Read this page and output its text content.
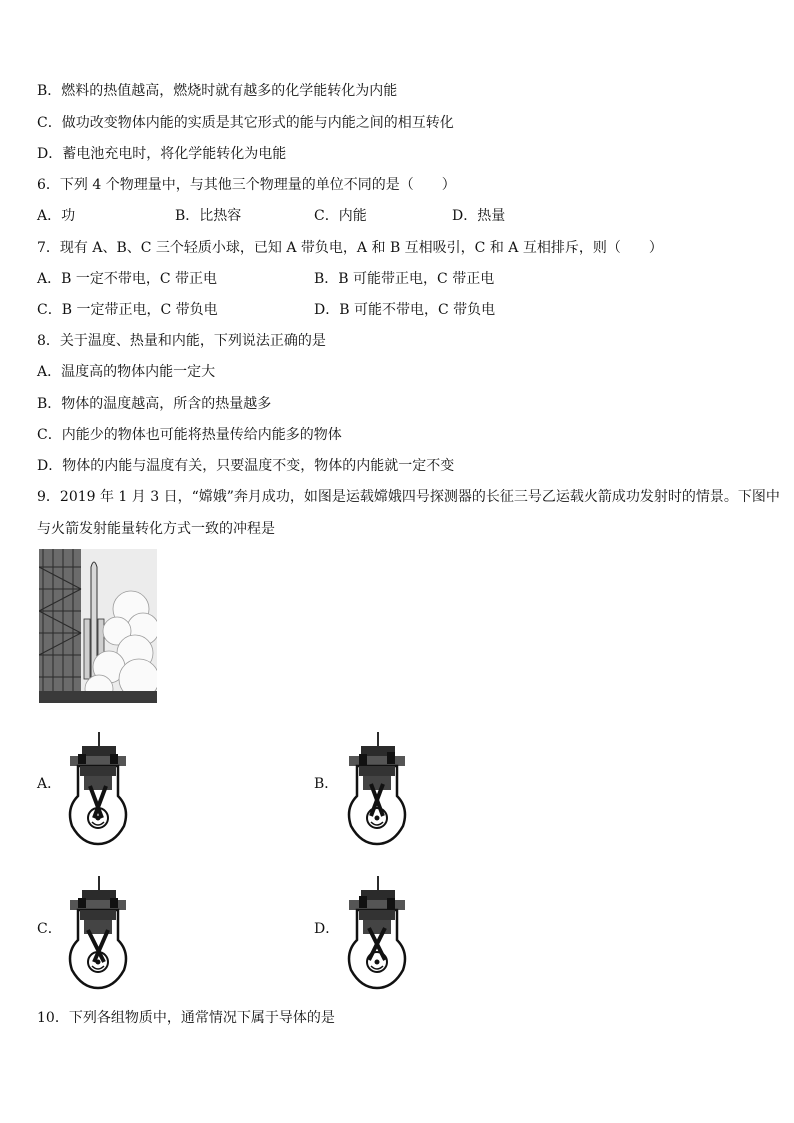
B．燃料的热值越高，燃烧时就有越多的化学能转化为内能
C．做功改变物体内能的实质是其它形式的能与内能之间的相互转化
D．蓄电池充电时，将化学能转化为电能
6．下列 4 个物理量中，与其他三个物理量的单位不同的是（　　）
A．功	B．比热容	C．内能	D．热量
7．现有 A、B、C 三个轻质小球，已知 A 带负电，A 和 B 互相吸引，C 和 A 互相排斥，则（　　）
A．B 一定不带电，C 带正电	B．B 可能带正电，C 带正电
C．B 一定带正电，C 带负电	D．B 可能不带电，C 带负电
8．关于温度、热量和内能，下列说法正确的是
A．温度高的物体内能一定大
B．物体的温度越高，所含的热量越多
C．内能少的物体也可能将热量传给内能多的物体
D．物体的内能与温度有关，只要温度不变，物体的内能就一定不变
9．2019 年 1 月 3 日，“嫦娥”奔月成功，如图是运载嫦娥四号探测器的长征三号乙运载火箭成功发射时的情景。下图中
与火箭发射能量转化方式一致的冲程是
A．	B．
C．	D．
10．下列各组物质中，通常情况下属于导体的是
